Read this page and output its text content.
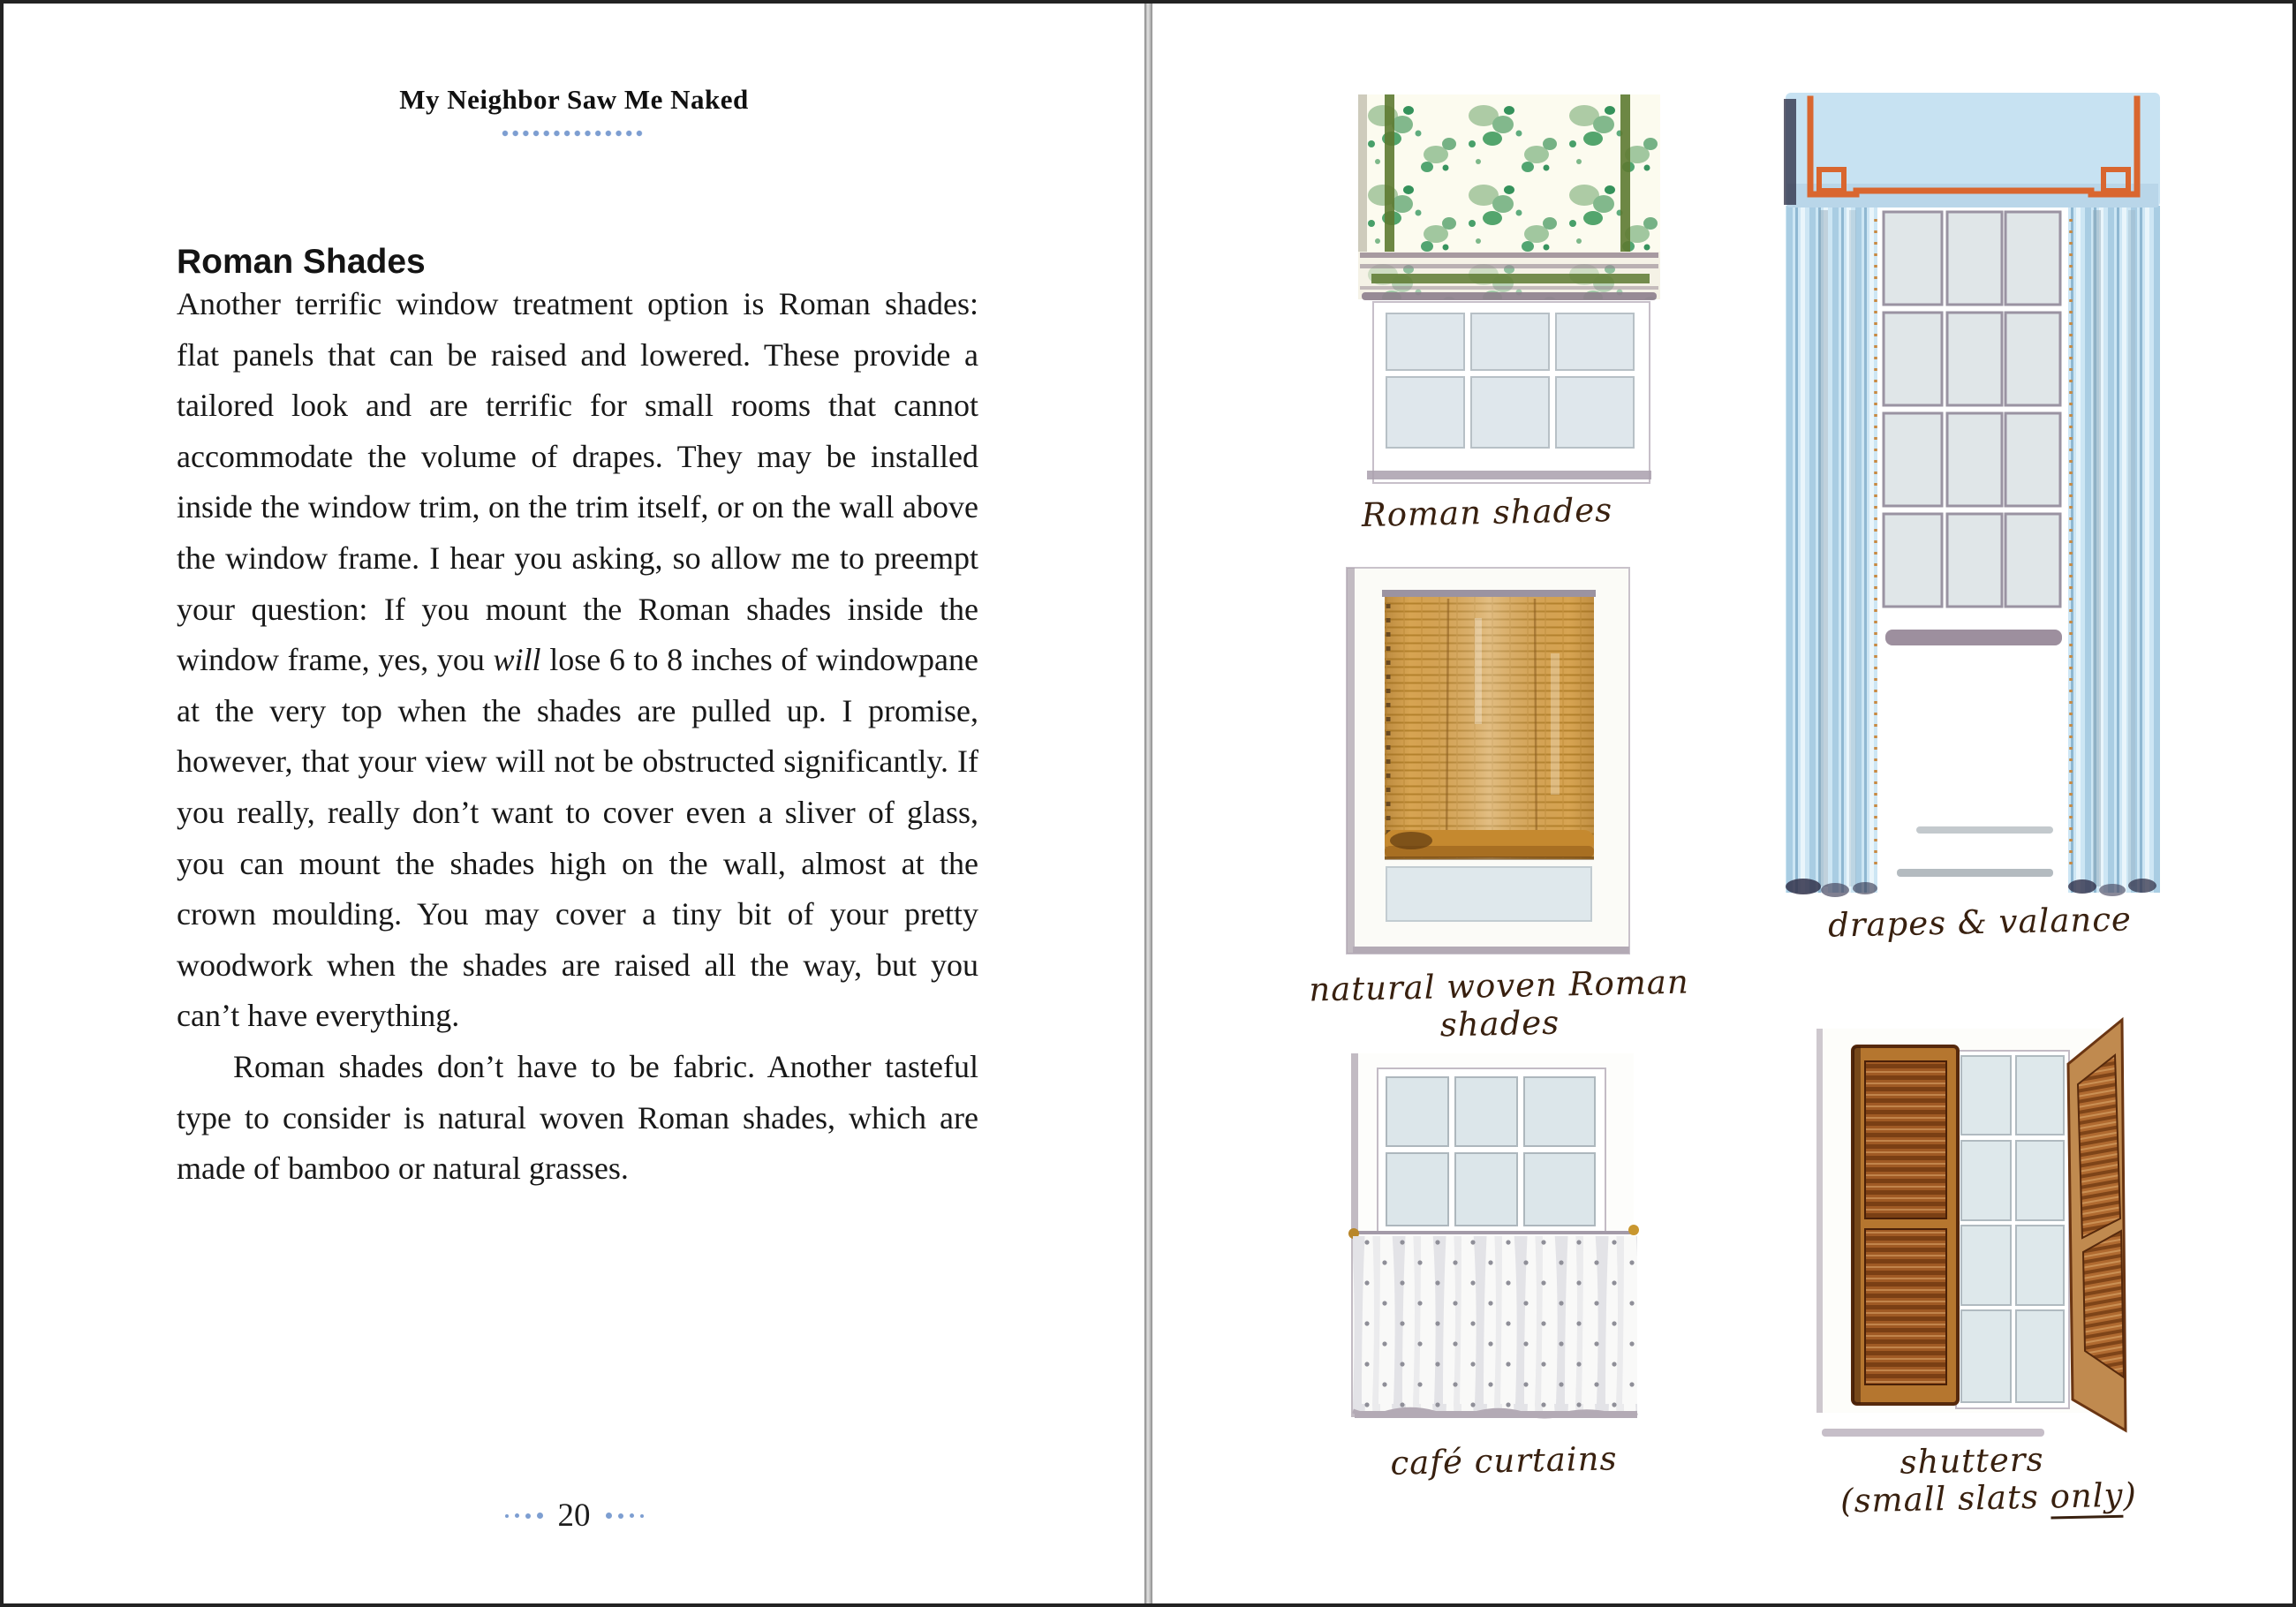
My Neighbor Saw Me Naked
Roman Shades

Another terrific window treatment option is Roman shades: flat panels that can be raised and lowered. These provide a tailored look and are terrific for small rooms that cannot accommodate the volume of drapes. They may be installed inside the window trim, on the trim itself, or on the wall above the window frame. I hear you asking, so allow me to preempt your question: If you mount the Roman shades inside the window frame, yes, you will lose 6 to 8 inches of windowpane at the very top when the shades are pulled up. I promise, however, that your view will not be obstructed significantly. If you really, really don’t want to cover even a sliver of glass, you can mount the shades high on the wall, almost at the crown moulding. You may cover a tiny bit of your pretty woodwork when the shades are raised all the way, but you can’t have everything.

Roman shades don’t have to be fabric. Another tasteful type to consider is natural woven Roman shades, which are made of bamboo or natural grasses.

20
Roman shades
drapes & valance
natural woven Roman shades
café curtains	shutters
(small slats only)
